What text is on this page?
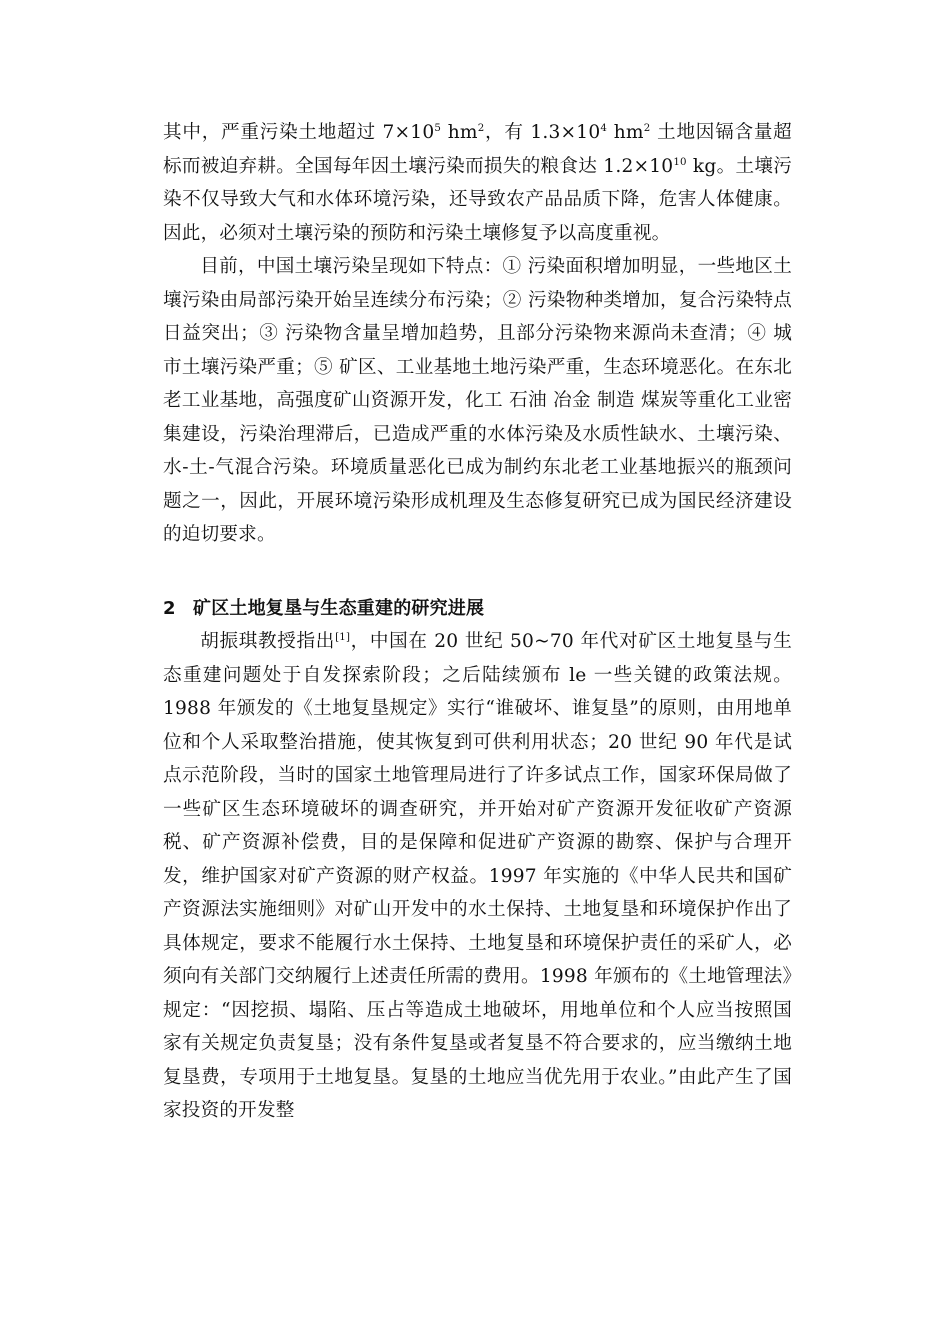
其中，严重污染土地超过 $7\times 10^5$ $hm^2$，有 $1.3\times 10^4$ $hm^2$ 土地因镉含量超标而被迫弃耕。全国每年因土壤污染而损失的粮食达 $1.2\times 10^{10}$ kg。土壤污染不仅导致大气和水体环境污染，还导致农产品品质下降，危害人体健康。因此，必须对土壤污染的预防和污染土壤修复予以高度重视。

目前，中国土壤污染呈现如下特点：① 污染面积增加明显，一些地区土壤污染由局部污染开始呈连续分布污染；② 污染物种类增加，复合污染特点日益突出；③ 污染物含量呈增加趋势，且部分污染物来源尚未查清；④ 城市土壤污染严重；⑤ 矿区、工业基地土地污染严重，生态环境恶化。在东北老工业基地，高强度矿山资源开发，化工 石油 冶金 制造 煤炭等重化工业密集建设，污染治理滞后，已造成严重的水体污染及水质性缺水、土壤污染、水-土-气混合污染。环境质量恶化已成为制约东北老工业基地振兴的瓶颈问题之一，因此，开展环境污染形成机理及生态修复研究已成为国民经济建设的迫切要求。

2 矿区土地复垦与生态重建的研究进展

胡振琪教授指出[1]，中国在 20 世纪 50~70 年代对矿区土地复垦与生态重建问题处于自发探索阶段；之后陆续颁布 le 一些关键的政策法规。1988 年颁发的《土地复垦规定》实行“谁破坏、谁复垦”的原则，由用地单位和个人采取整治措施，使其恢复到可供利用状态；20 世纪 90 年代是试点示范阶段，当时的国家土地管理局进行了许多试点工作，国家环保局做了一些矿区生态环境破坏的调查研究，并开始对矿产资源开发征收矿产资源税、矿产资源补偿费，目的是保障和促进矿产资源的勘察、保护与合理开发，维护国家对矿产资源的财产权益。1997 年实施的《中华人民共和国矿产资源法实施细则》对矿山开发中的水土保持、土地复垦和环境保护作出了具体规定，要求不能履行水土保持、土地复垦和环境保护责任的采矿人，必须向有关部门交纳履行上述责任所需的费用。1998 年颁布的《土地管理法》规定：“因挖损、塌陷、压占等造成土地破坏，用地单位和个人应当按照国家有关规定负责复垦；没有条件复垦或者复垦不符合要求的，应当缴纳土地复垦费，专项用于土地复垦。复垦的土地应当优先用于农业。”由此产生了国家投资的开发整
